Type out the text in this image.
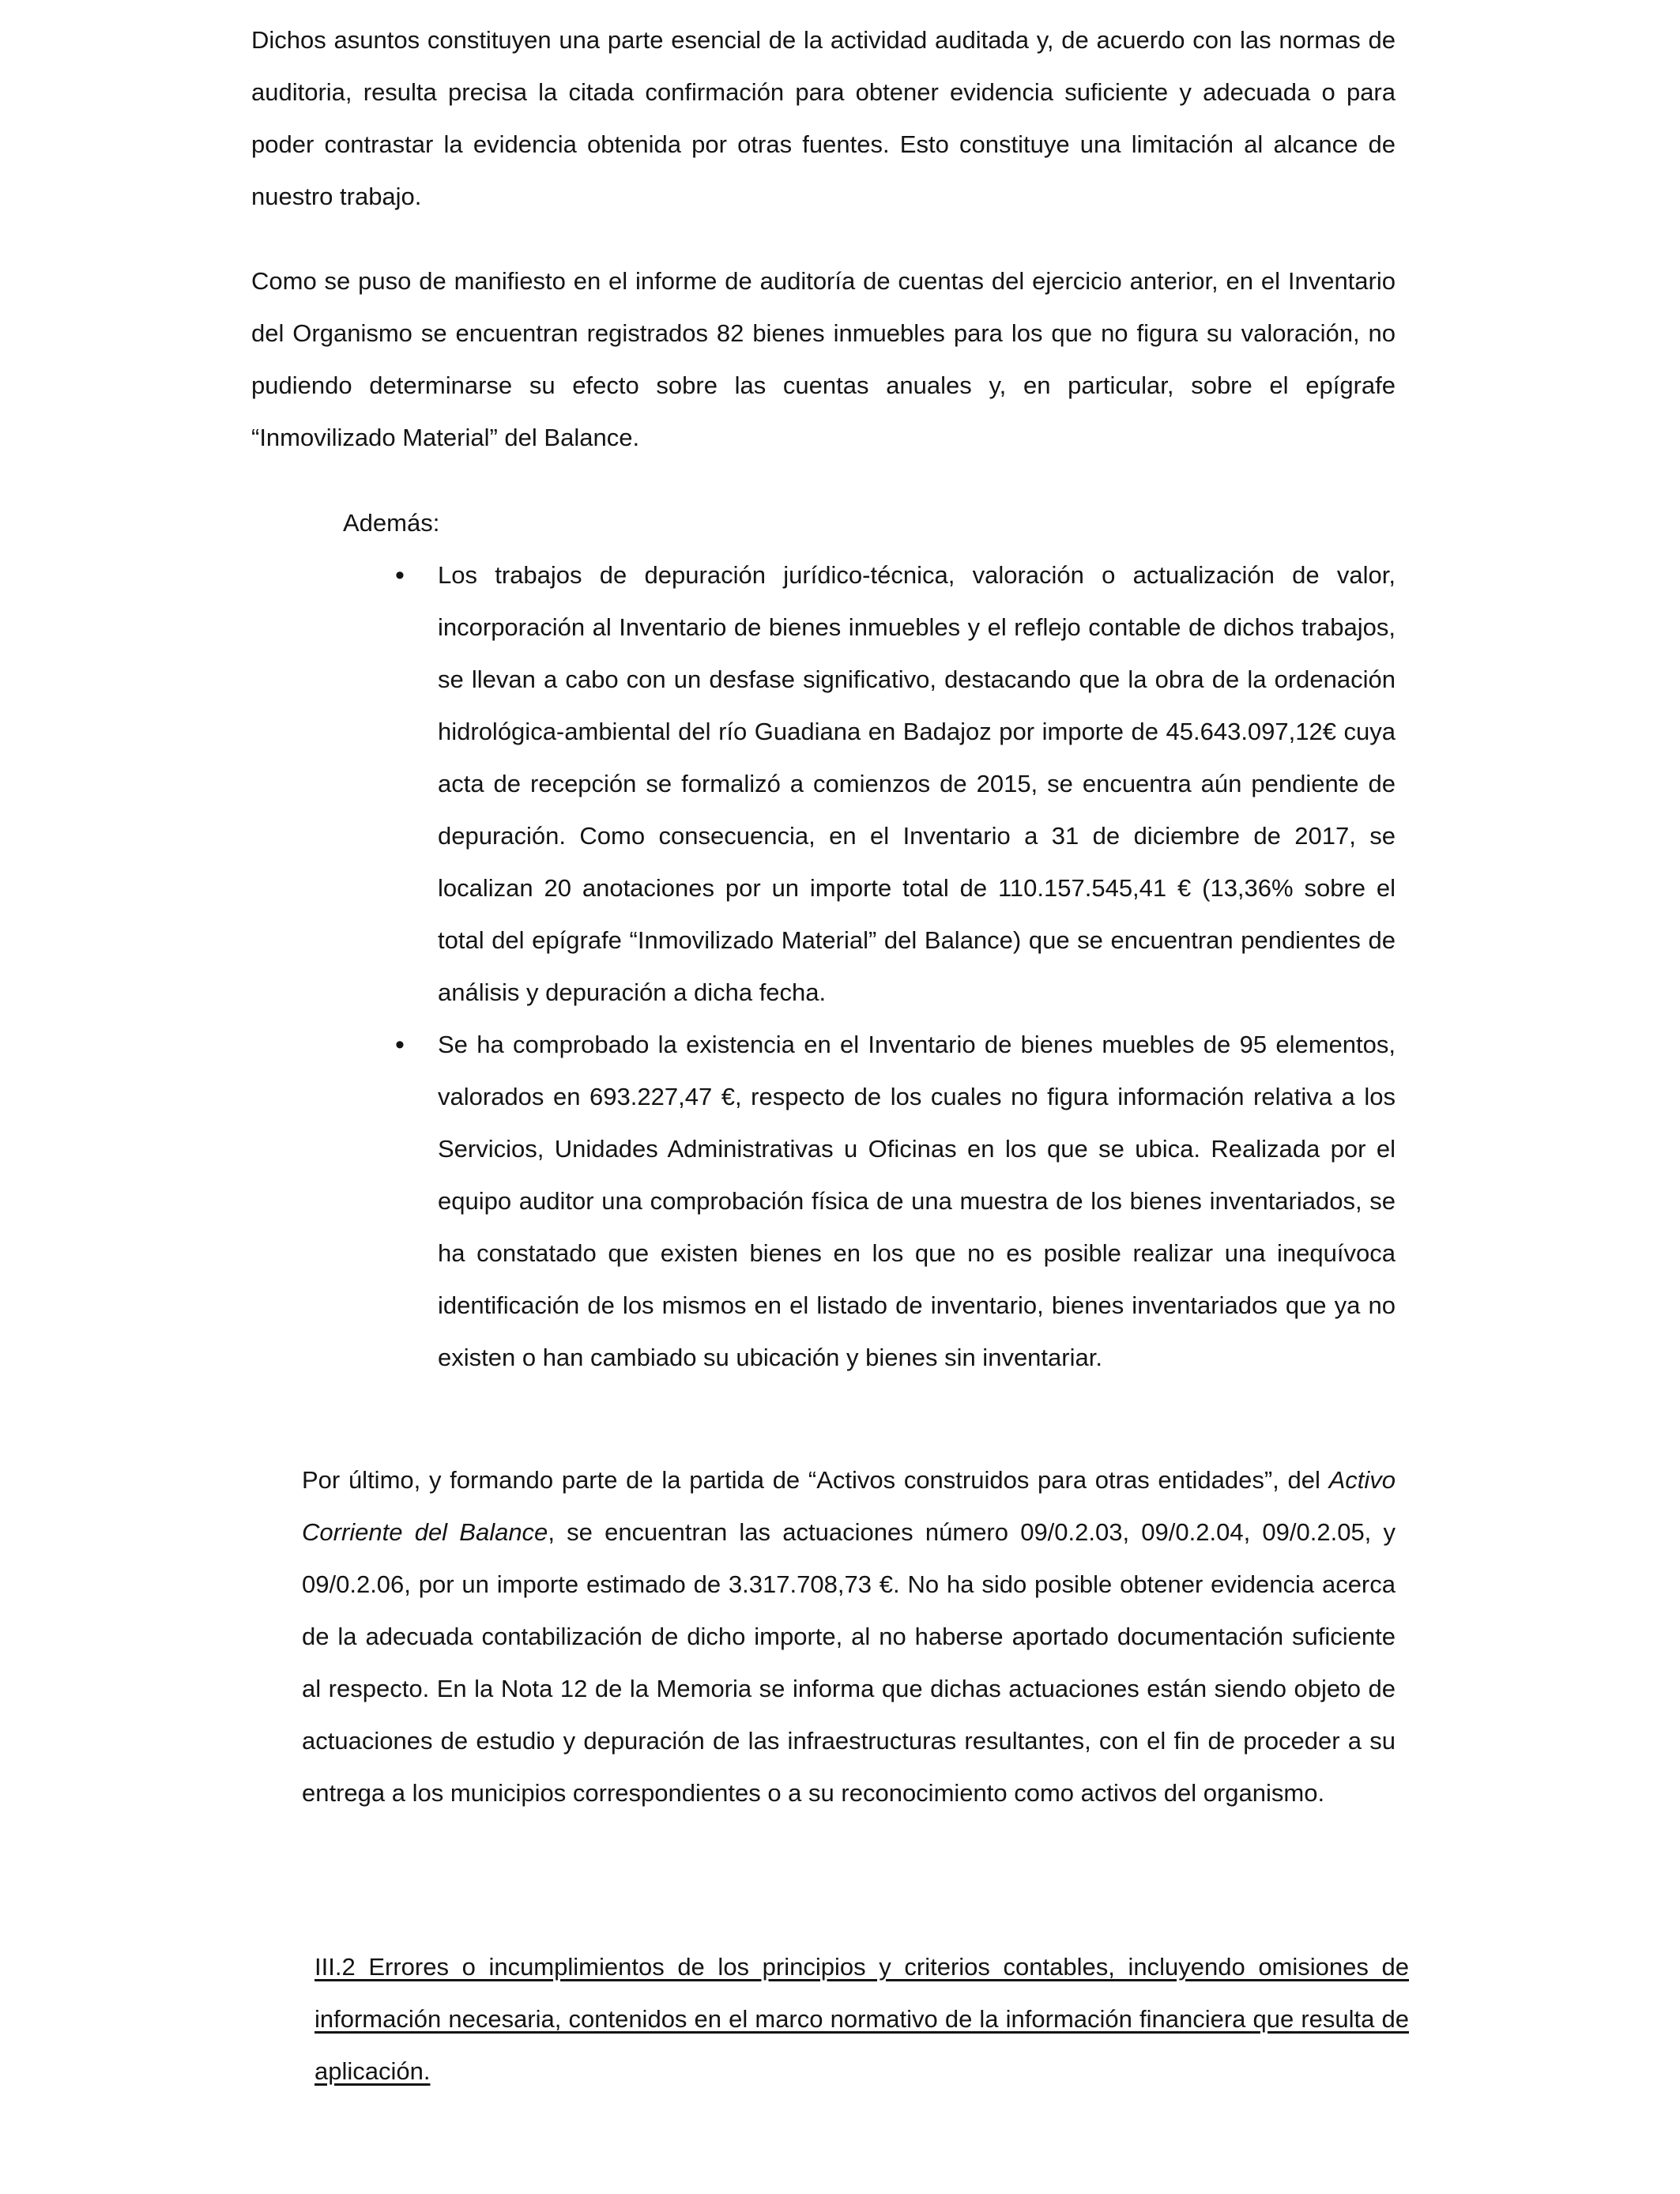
Dichos asuntos constituyen una parte esencial de la actividad auditada y, de acuerdo con las normas de auditoria, resulta precisa la citada confirmación para obtener evidencia suficiente y adecuada o para poder contrastar la evidencia obtenida por otras fuentes. Esto constituye una limitación al alcance de nuestro trabajo.

Como se puso de manifiesto en el informe de auditoría de cuentas del ejercicio anterior, en el Inventario del Organismo se encuentran registrados 82 bienes inmuebles para los que no figura su valoración, no pudiendo determinarse su efecto sobre las cuentas anuales y, en particular, sobre el epígrafe “Inmovilizado Material” del Balance.

Además:

• Los trabajos de depuración jurídico-técnica, valoración o actualización de valor, incorporación al Inventario de bienes inmuebles y el reflejo contable de dichos trabajos, se llevan a cabo con un desfase significativo, destacando que la obra de la ordenación hidrológica-ambiental del río Guadiana en Badajoz por importe de 45.643.097,12€ cuya acta de recepción se formalizó a comienzos de 2015, se encuentra aún pendiente de depuración. Como consecuencia, en el Inventario a 31 de diciembre de 2017, se localizan 20 anotaciones por un importe total de 110.157.545,41 € (13,36% sobre el total del epígrafe “Inmovilizado Material” del Balance) que se encuentran pendientes de análisis y depuración a dicha fecha.
• Se ha comprobado la existencia en el Inventario de bienes muebles de 95 elementos, valorados en 693.227,47 €, respecto de los cuales no figura información relativa a los Servicios, Unidades Administrativas u Oficinas en los que se ubica. Realizada por el equipo auditor una comprobación física de una muestra de los bienes inventariados, se ha constatado que existen bienes en los que no es posible realizar una inequívoca identificación de los mismos en el listado de inventario, bienes inventariados que ya no existen o han cambiado su ubicación y bienes sin inventariar.

Por último, y formando parte de la partida de “Activos construidos para otras entidades”, del Activo Corriente del Balance, se encuentran las actuaciones número 09/0.2.03, 09/0.2.04, 09/0.2.05, y 09/0.2.06, por un importe estimado de 3.317.708,73 €. No ha sido posible obtener evidencia acerca de la adecuada contabilización de dicho importe, al no haberse aportado documentación suficiente al respecto. En la Nota 12 de la Memoria se informa que dichas actuaciones están siendo objeto de actuaciones de estudio y depuración de las infraestructuras resultantes, con el fin de proceder a su entrega a los municipios correspondientes o a su reconocimiento como activos del organismo.

III.2 Errores o incumplimientos de los principios y criterios contables, incluyendo omisiones de información necesaria, contenidos en el marco normativo de la información financiera que resulta de aplicación.
